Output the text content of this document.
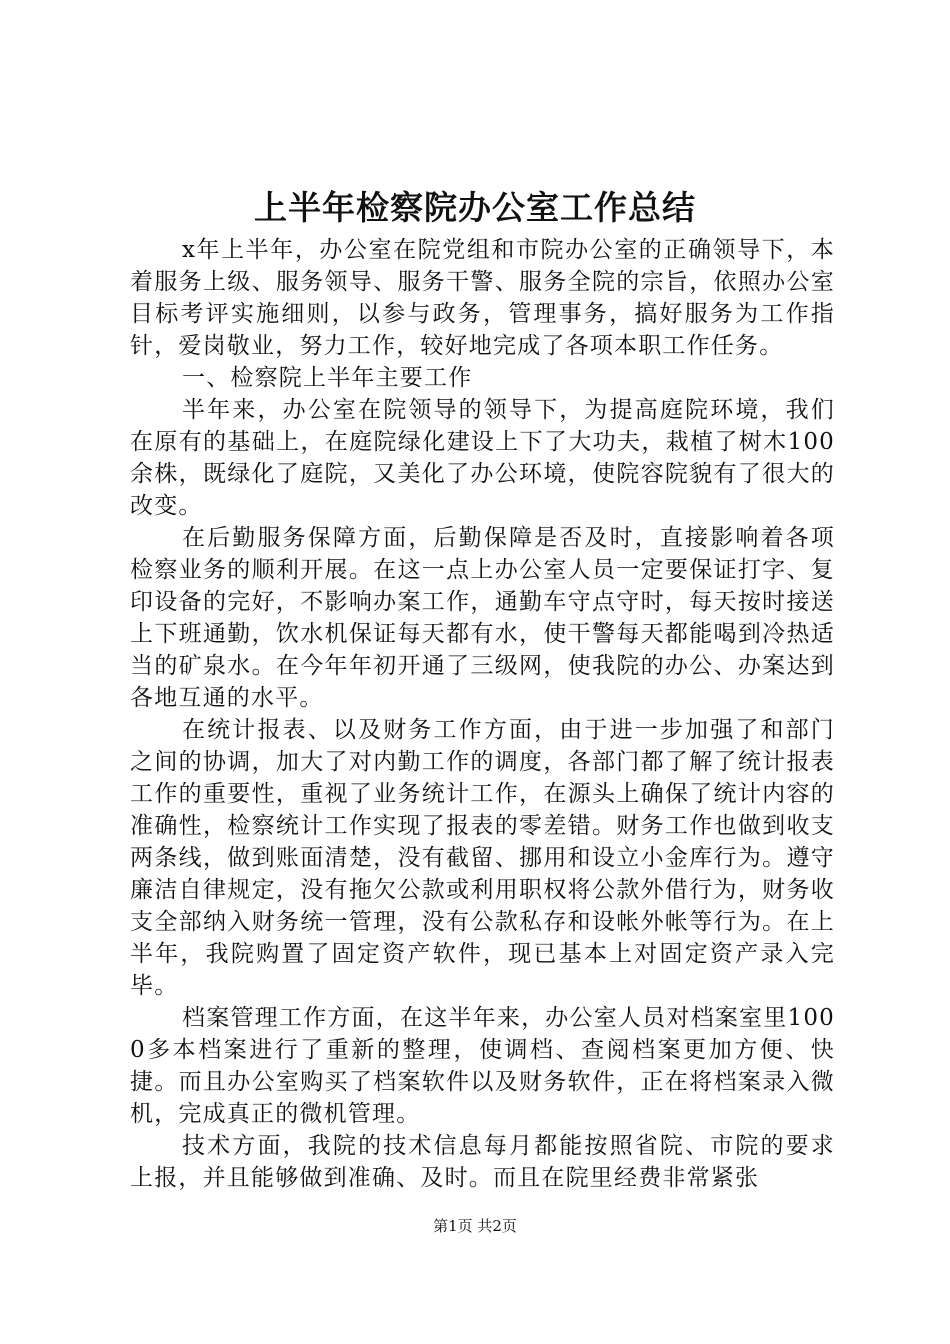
上半年检察院办公室工作总结

x年上半年，办公室在院党组和市院办公室的正确领导下，本着服务上级、服务领导、服务干警、服务全院的宗旨，依照办公室目标考评实施细则，以参与政务，管理事务，搞好服务为工作指针，爱岗敬业，努力工作，较好地完成了各项本职工作任务。

一、检察院上半年主要工作

半年来，办公室在院领导的领导下，为提高庭院环境，我们在原有的基础上，在庭院绿化建设上下了大功夫，栽植了树木100余株，既绿化了庭院，又美化了办公环境，使院容院貌有了很大的改变。

在后勤服务保障方面，后勤保障是否及时，直接影响着各项检察业务的顺利开展。在这一点上办公室人员一定要保证打字、复印设备的完好，不影响办案工作，通勤车守点守时，每天按时接送上下班通勤，饮水机保证每天都有水，使干警每天都能喝到冷热适当的矿泉水。在今年年初开通了三级网，使我院的办公、办案达到各地互通的水平。

在统计报表、以及财务工作方面，由于进一步加强了和部门之间的协调，加大了对内勤工作的调度，各部门都了解了统计报表工作的重要性，重视了业务统计工作，在源头上确保了统计内容的准确性，检察统计工作实现了报表的零差错。财务工作也做到收支两条线，做到账面清楚，没有截留、挪用和设立小金库行为。遵守廉洁自律规定，没有拖欠公款或利用职权将公款外借行为，财务收支全部纳入财务统一管理，没有公款私存和设帐外帐等行为。在上半年，我院购置了固定资产软件，现已基本上对固定资产录入完毕。

档案管理工作方面，在这半年来，办公室人员对档案室里1000多本档案进行了重新的整理，使调档、查阅档案更加方便、快捷。而且办公室购买了档案软件以及财务软件，正在将档案录入微机，完成真正的微机管理。

技术方面，我院的技术信息每月都能按照省院、市院的要求上报，并且能够做到准确、及时。而且在院里经费非常紧张

第1页 共2页
